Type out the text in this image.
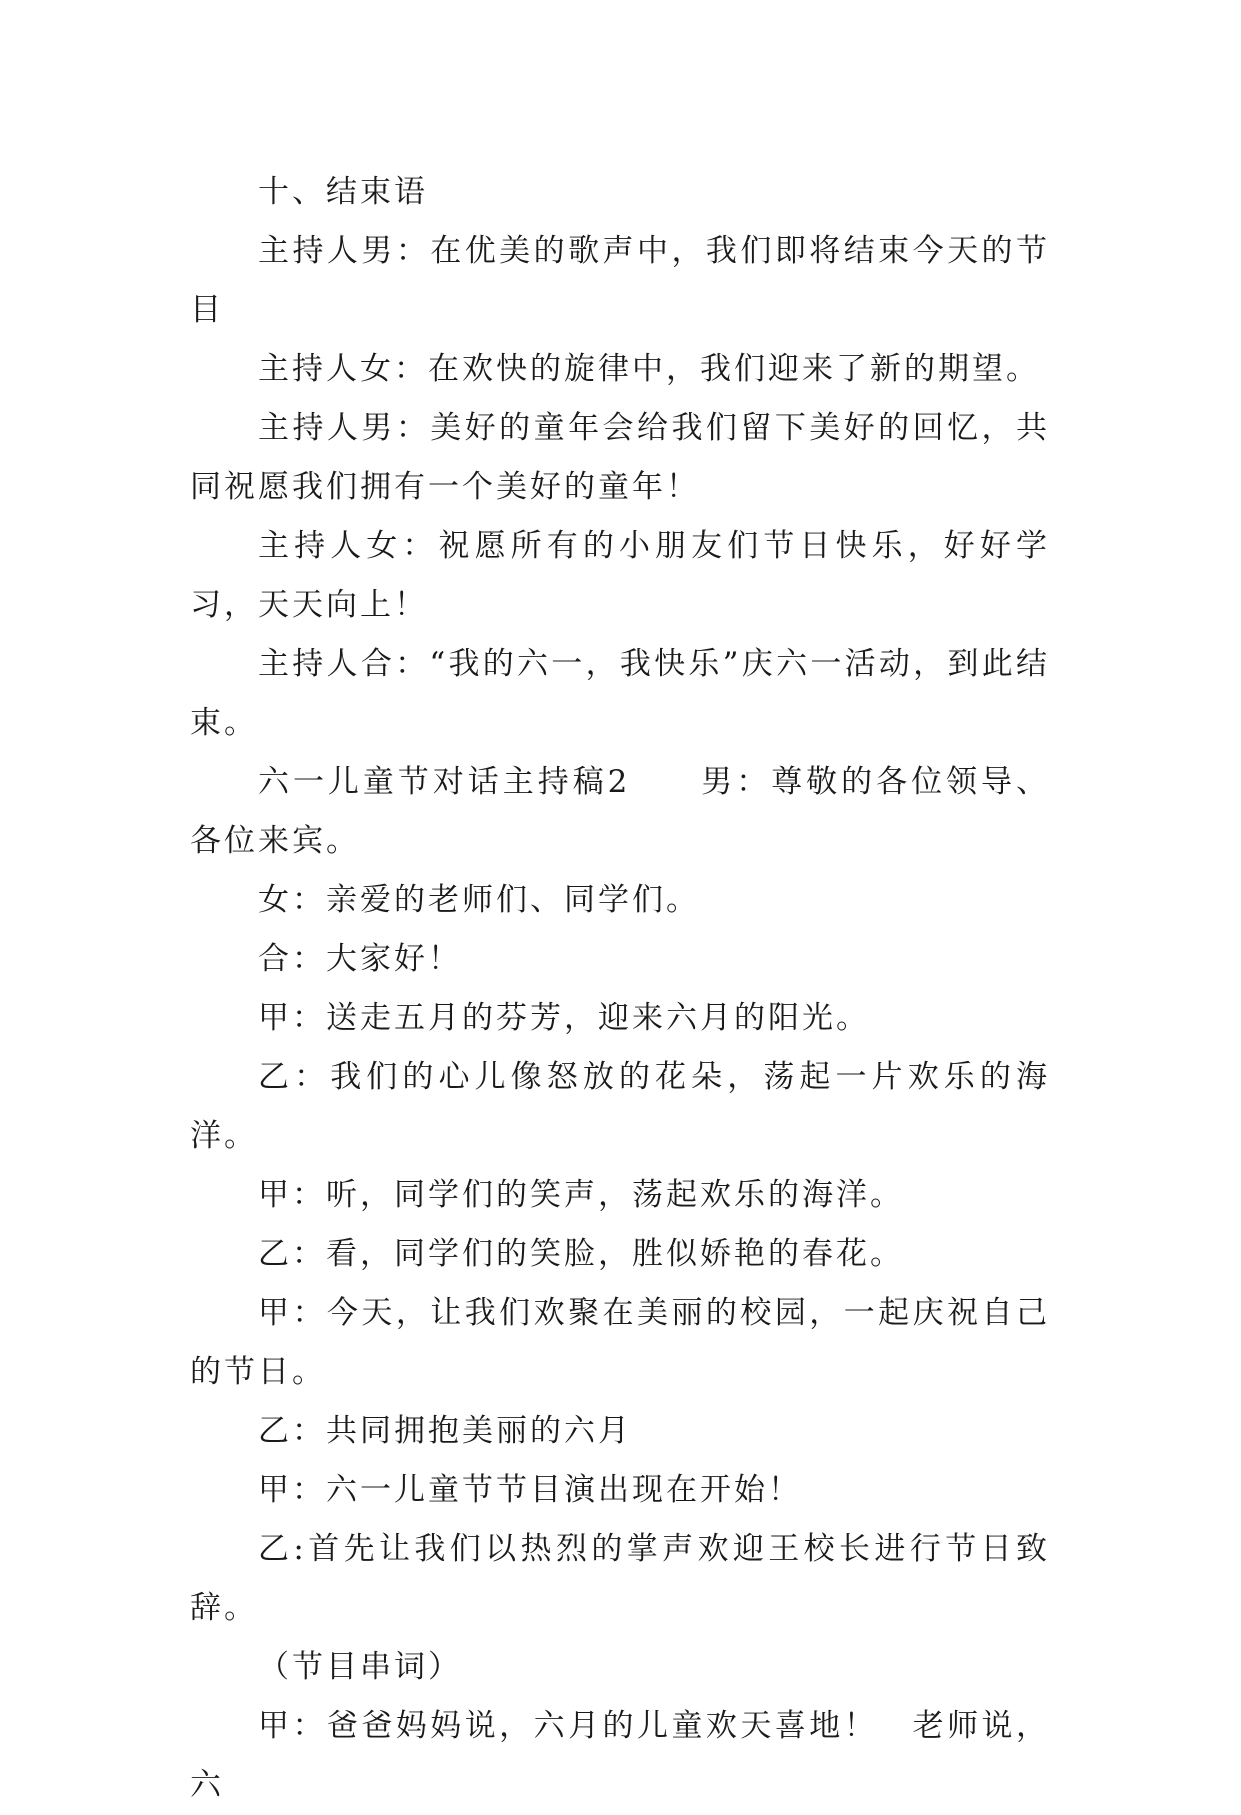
十、结束语

主持人男：在优美的歌声中，我们即将结束今天的节目

主持人女：在欢快的旋律中，我们迎来了新的期望。

主持人男：美好的童年会给我们留下美好的回忆，共同祝愿我们拥有一个美好的童年！

主持人女：祝愿所有的小朋友们节日快乐，好好学习，天天向上！

主持人合：“我的六一，我快乐”庆六一活动，到此结束。

六一儿童节对话主持稿2　　男：尊敬的各位领导、各位来宾。

女：亲爱的老师们、同学们。

合：大家好！

甲：送走五月的芬芳，迎来六月的阳光。

乙：我们的心儿像怒放的花朵，荡起一片欢乐的海洋。

甲：听，同学们的笑声，荡起欢乐的海洋。

乙：看，同学们的笑脸，胜似娇艳的春花。

甲：今天，让我们欢聚在美丽的校园，一起庆祝自己的节日。

乙：共同拥抱美丽的六月

甲：六一儿童节节目演出现在开始！

乙:首先让我们以热烈的掌声欢迎王校长进行节日致辞。

（节目串词）

甲：爸爸妈妈说，六月的儿童欢天喜地！　老师说，六
